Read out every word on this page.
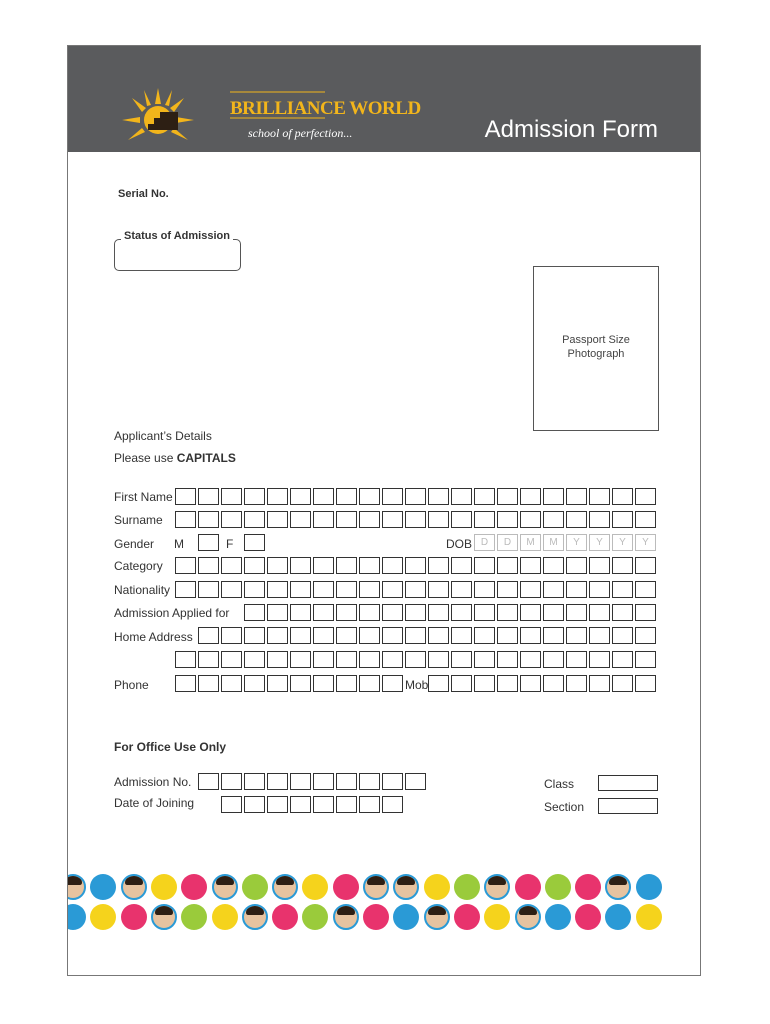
BRILLIANCE WORLD
school of perfection...	Admission Form
Serial No.
Status of Admission
Passport Size
Photograph
Applicant’s Details
Please use CAPITALS
First Name
Surname
Gender M	F	DOB D	D	M	M	Y	Y	Y	Y
Category
Nationality
Admission Applied for
Home Address
Phone	Mob
For Office Use Only
Admission No.
Date of Joining
Class
Section
